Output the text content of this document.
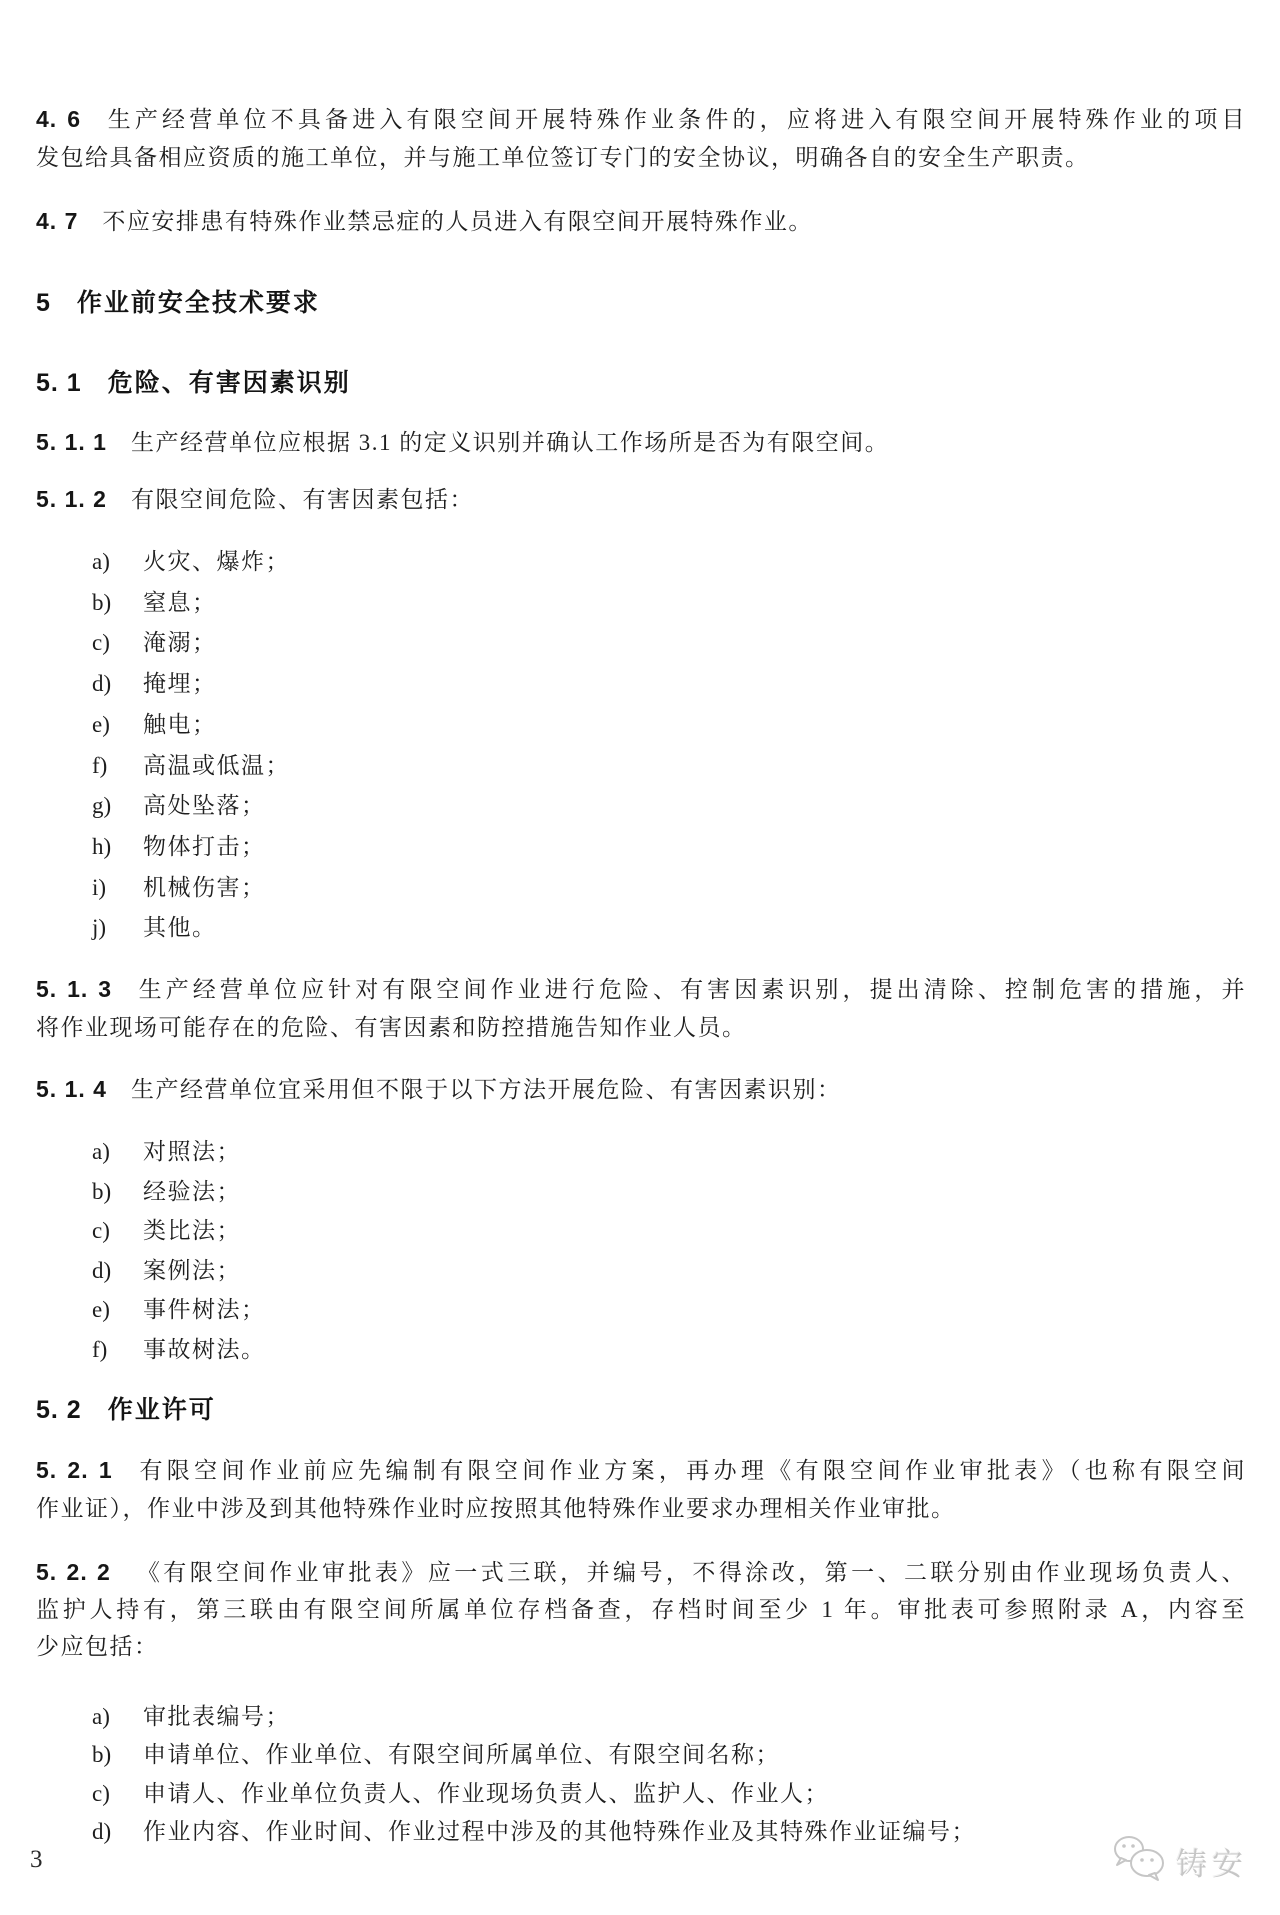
4. 6 生产经营单位不具备进入有限空间开展特殊作业条件的，应将进入有限空间开展特殊作业的项目
发包给具备相应资质的施工单位，并与施工单位签订专门的安全协议，明确各自的安全生产职责。
4. 7 不应安排患有特殊作业禁忌症的人员进入有限空间开展特殊作业。
5 作业前安全技术要求
5. 1 危险、有害因素识别
5. 1. 1 生产经营单位应根据 3.1 的定义识别并确认工作场所是否为有限空间。
5. 1. 2 有限空间危险、有害因素包括：
a) 火灾、爆炸；
b) 窒息；
c) 淹溺；
d) 掩埋；
e) 触电；
f) 高温或低温；
g) 高处坠落；
h) 物体打击；
i) 机械伤害；
j) 其他。
5. 1. 3 生产经营单位应针对有限空间作业进行危险、有害因素识别，提出清除、控制危害的措施，并
将作业现场可能存在的危险、有害因素和防控措施告知作业人员。
5. 1. 4 生产经营单位宜采用但不限于以下方法开展危险、有害因素识别：
a) 对照法；
b) 经验法；
c) 类比法；
d) 案例法；
e) 事件树法；
f) 事故树法。
5. 2 作业许可
5. 2. 1 有限空间作业前应先编制有限空间作业方案，再办理《有限空间作业审批表》（也称有限空间
作业证），作业中涉及到其他特殊作业时应按照其他特殊作业要求办理相关作业审批。
5. 2. 2 《有限空间作业审批表》应一式三联，并编号，不得涂改，第一、二联分别由作业现场负责人、
监护人持有，第三联由有限空间所属单位存档备查，存档时间至少 1 年。审批表可参照附录 A，内容至
少应包括：
a) 审批表编号；
b) 申请单位、作业单位、有限空间所属单位、有限空间名称；
c) 申请人、作业单位负责人、作业现场负责人、监护人、作业人；
d) 作业内容、作业时间、作业过程中涉及的其他特殊作业及其特殊作业证编号；
3	铸安
